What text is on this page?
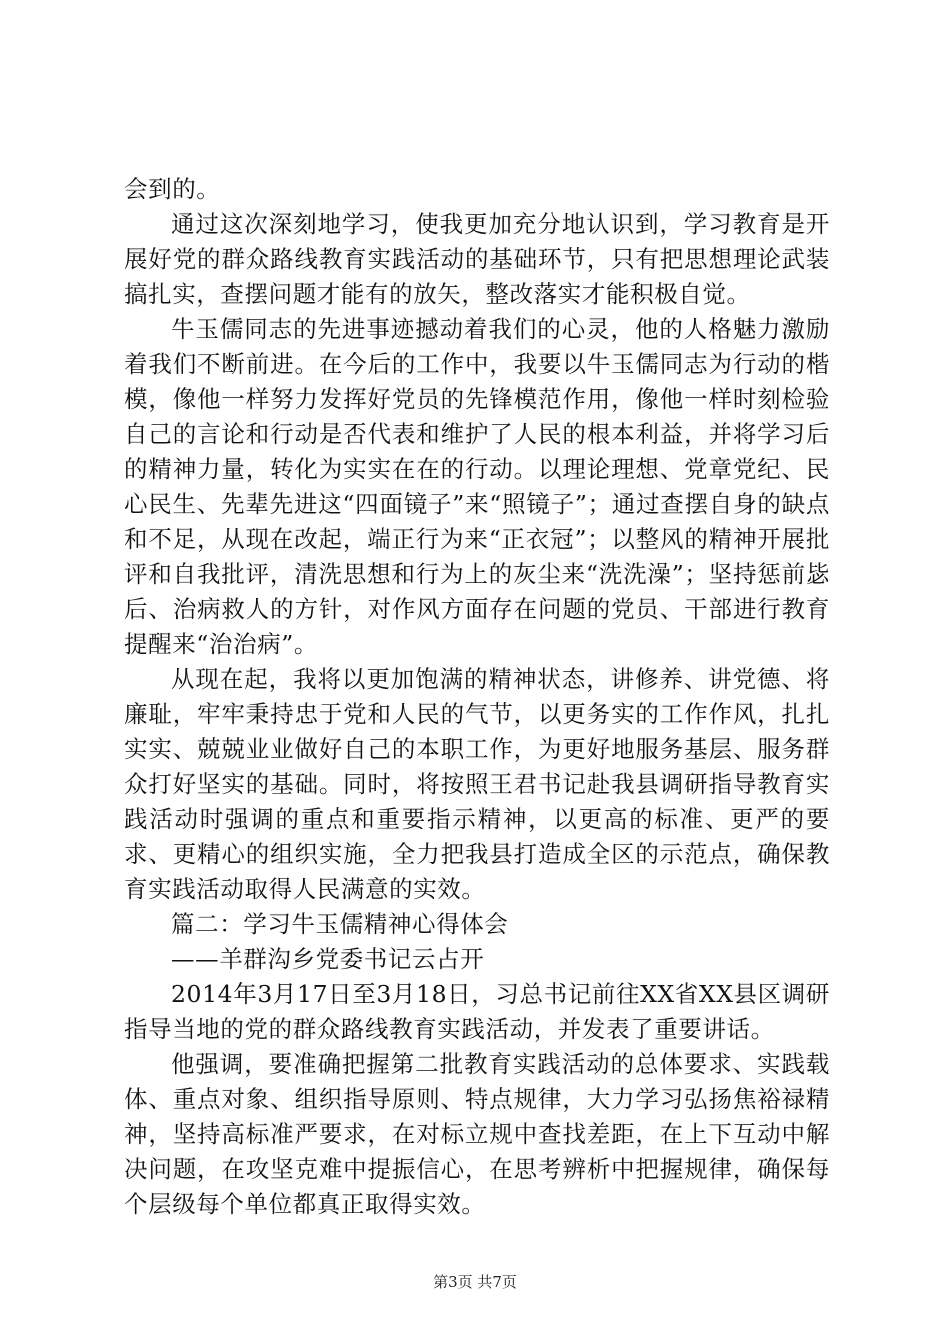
会到的。

通过这次深刻地学习，使我更加充分地认识到，学习教育是开展好党的群众路线教育实践活动的基础环节，只有把思想理论武装搞扎实，查摆问题才能有的放矢，整改落实才能积极自觉。

牛玉儒同志的先进事迹撼动着我们的心灵，他的人格魅力激励着我们不断前进。在今后的工作中，我要以牛玉儒同志为行动的楷模，像他一样努力发挥好党员的先锋模范作用，像他一样时刻检验自己的言论和行动是否代表和维护了人民的根本利益，并将学习后的精神力量，转化为实实在在的行动。以理论理想、党章党纪、民心民生、先辈先进这“四面镜子”来“照镜子”；通过查摆自身的缺点和不足，从现在改起，端正行为来“正衣冠”；以整风的精神开展批评和自我批评，清洗思想和行为上的灰尘来“洗洗澡”；坚持惩前毖后、治病救人的方针，对作风方面存在问题的党员、干部进行教育提醒来“治治病”。

从现在起，我将以更加饱满的精神状态，讲修养、讲党德、将廉耻，牢牢秉持忠于党和人民的气节，以更务实的工作作风，扎扎实实、兢兢业业做好自己的本职工作，为更好地服务基层、服务群众打好坚实的基础。同时，将按照王君书记赴我县调研指导教育实践活动时强调的重点和重要指示精神，以更高的标准、更严的要求、更精心的组织实施，全力把我县打造成全区的示范点，确保教育实践活动取得人民满意的实效。

篇二：学习牛玉儒精神心得体会

——羊群沟乡党委书记云占开

2014年3月17日至3月18日，习总书记前往XX省XX县区调研指导当地的党的群众路线教育实践活动，并发表了重要讲话。

他强调，要准确把握第二批教育实践活动的总体要求、实践载体、重点对象、组织指导原则、特点规律，大力学习弘扬焦裕禄精神，坚持高标准严要求，在对标立规中查找差距，在上下互动中解决问题，在攻坚克难中提振信心，在思考辨析中把握规律，确保每个层级每个单位都真正取得实效。

第3页 共7页
